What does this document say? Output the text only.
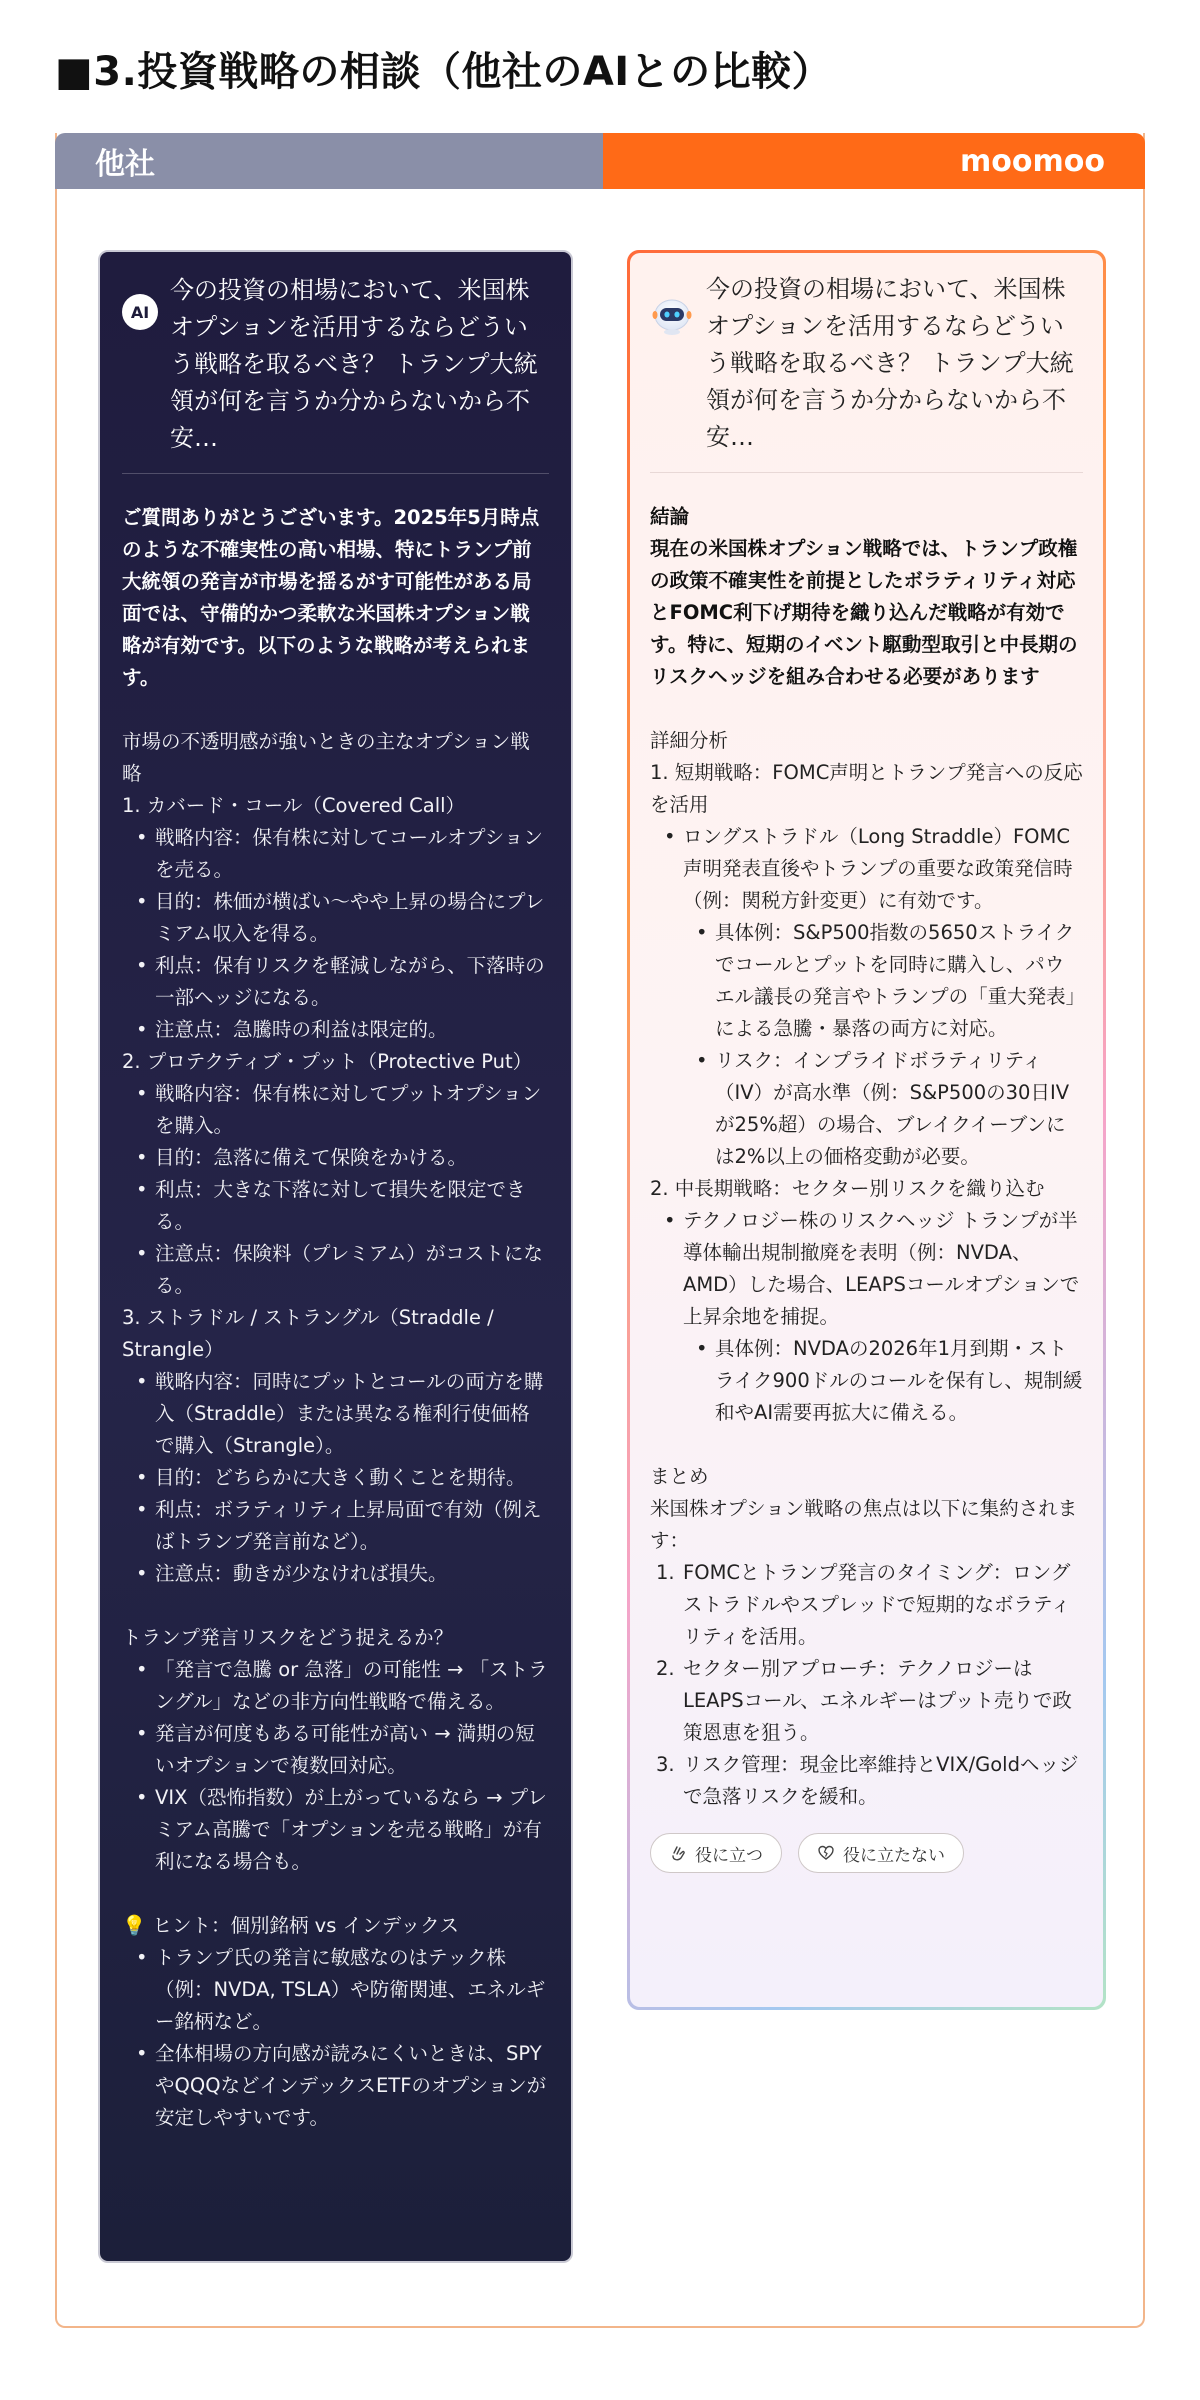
■3.投資戦略の相談（他社のAIとの比較）
他社	moomoo
AI
今の投資の相場において、米国株オプションを活用するならどういう戦略を取るべき？ トランプ大統領が何を言うか分からないから不安…
ご質問ありがとうございます。2025年5月時点のような不確実性の高い相場、特にトランプ前大統領の発言が市場を揺るがす可能性がある局面では、守備的かつ柔軟な米国株オプション戦略が有効です。以下のような戦略が考えられます。
市場の不透明感が強いときの主なオプション戦略
1. カバード・コール（Covered Call）
• 戦略内容：保有株に対してコールオプションを売る。
• 目的：株価が横ばい〜やや上昇の場合にプレミアム収入を得る。
• 利点：保有リスクを軽減しながら、下落時の一部ヘッジになる。
• 注意点：急騰時の利益は限定的。
2. プロテクティブ・プット（Protective Put）
• 戦略内容：保有株に対してプットオプションを購入。
• 目的：急落に備えて保険をかける。
• 利点：大きな下落に対して損失を限定できる。
• 注意点：保険料（プレミアム）がコストになる。
3. ストラドル / ストラングル（Straddle / Strangle）
• 戦略内容：同時にプットとコールの両方を購入（Straddle）または異なる権利行使価格で購入（Strangle）。
• 目的：どちらかに大きく動くことを期待。
• 利点：ボラティリティ上昇局面で有効（例えばトランプ発言前など）。
• 注意点：動きが少なければ損失。
トランプ発言リスクをどう捉えるか？
• 「発言で急騰 or 急落」の可能性 → 「ストラングル」などの非方向性戦略で備える。
• 発言が何度もある可能性が高い → 満期の短いオプションで複数回対応。
• VIX（恐怖指数）が上がっているなら → プレミアム高騰で「オプションを売る戦略」が有利になる場合も。
💡 ヒント：個別銘柄 vs インデックス
• トランプ氏の発言に敏感なのはテック株（例：NVDA, TSLA）や防衛関連、エネルギー銘柄など。
• 全体相場の方向感が読みにくいときは、SPYやQQQなどインデックスETFのオプションが安定しやすいです。
今の投資の相場において、米国株オプションを活用するならどういう戦略を取るべき？ トランプ大統領が何を言うか分からないから不安…
結論
現在の米国株オプション戦略では、トランプ政権の政策不確実性を前提としたボラティリティ対応とFOMC利下げ期待を織り込んだ戦略が有効です。特に、短期のイベント駆動型取引と中長期のリスクヘッジを組み合わせる必要があります
詳細分析
1. 短期戦略：FOMC声明とトランプ発言への反応を活用
• ロングストラドル（Long Straddle）FOMC声明発表直後やトランプの重要な政策発信時（例：関税方針変更）に有効です。
• 具体例：S&P500指数の5650ストライクでコールとプットを同時に購入し、パウエル議長の発言やトランプの「重大発表」による急騰・暴落の両方に対応。
• リスク：インプライドボラティリティ（IV）が高水準（例：S&P500の30日IVが25%超）の場合、ブレイクイーブンには2%以上の価格変動が必要。
2. 中長期戦略：セクター別リスクを織り込む
• テクノロジー株のリスクヘッジ トランプが半導体輸出規制撤廃を表明（例：NVDA、AMD）した場合、LEAPSコールオプションで上昇余地を捕捉。
• 具体例：NVDAの2026年1月到期・ストライク900ドルのコールを保有し、規制緩和やAI需要再拡大に備える。
まとめ
米国株オプション戦略の焦点は以下に集約されます：
1. FOMCとトランプ発言のタイミング：ロングストラドルやスプレッドで短期的なボラティリティを活用。
2. セクター別アプローチ：テクノロジーはLEAPSコール、エネルギーはプット売りで政策恩恵を狙う。
3. リスク管理：現金比率維持とVIX/Goldヘッジで急落リスクを緩和。
役に立つ	役に立たない
